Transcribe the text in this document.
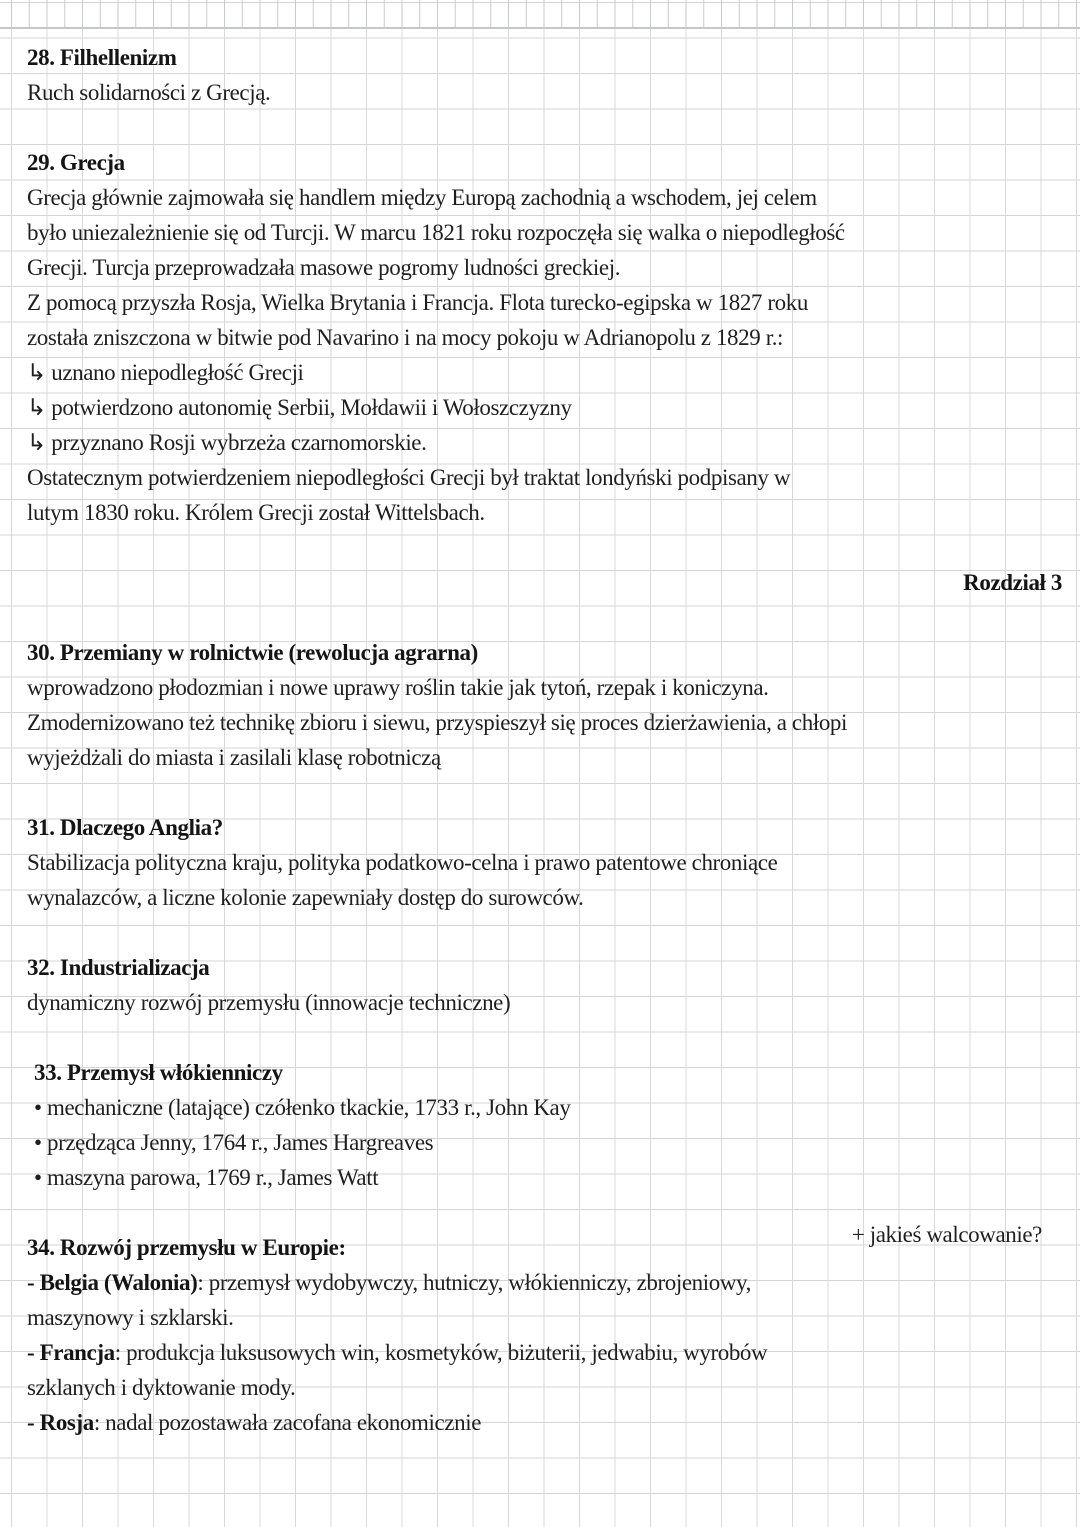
28. Filhellenizm
Ruch solidarności z Grecją.
29. Grecja
Grecja głównie zajmowała się handlem między Europą zachodnią a wschodem, jej celem
było uniezależnienie się od Turcji. W marcu 1821 roku rozpoczęła się walka o niepodległość
Grecji. Turcja przeprowadzała masowe pogromy ludności greckiej.
Z pomocą przyszła Rosja, Wielka Brytania i Francja. Flota turecko-egipska w 1827 roku
została zniszczona w bitwie pod Navarino i na mocy pokoju w Adrianopolu z 1829 r.:
↳ uznano niepodległość Grecji
↳ potwierdzono autonomię Serbii, Mołdawii i Wołoszczyzny
↳ przyznano Rosji wybrzeża czarnomorskie.
Ostatecznym potwierdzeniem niepodległości Grecji był traktat londyński podpisany w
lutym 1830 roku. Królem Grecji został Wittelsbach.
Rozdział 3
30. Przemiany w rolnictwie (rewolucja agrarna)
wprowadzono płodozmian i nowe uprawy roślin takie jak tytoń, rzepak i koniczyna.
Zmodernizowano też technikę zbioru i siewu, przyspieszył się proces dzierżawienia, a chłopi
wyjeżdżali do miasta i zasilali klasę robotniczą
31. Dlaczego Anglia?
Stabilizacja polityczna kraju, polityka podatkowo-celna i prawo patentowe chroniące
wynalazców, a liczne kolonie zapewniały dostęp do surowców.
32. Industrializacja
dynamiczny rozwój przemysłu (innowacje techniczne)
33. Przemysł włókienniczy
• mechaniczne (latające) czółenko tkackie, 1733 r., John Kay
• przędząca Jenny, 1764 r., James Hargreaves
• maszyna parowa, 1769 r., James Watt
34. Rozwój przemysłu w Europie:
+ jakieś walcowanie?
- Belgia (Walonia): przemysł wydobywczy, hutniczy, włókienniczy, zbrojeniowy,
maszynowy i szklarski.
- Francja: produkcja luksusowych win, kosmetyków, biżuterii, jedwabiu, wyrobów
szklanych i dyktowanie mody.
- Rosja: nadal pozostawała zacofana ekonomicznie
